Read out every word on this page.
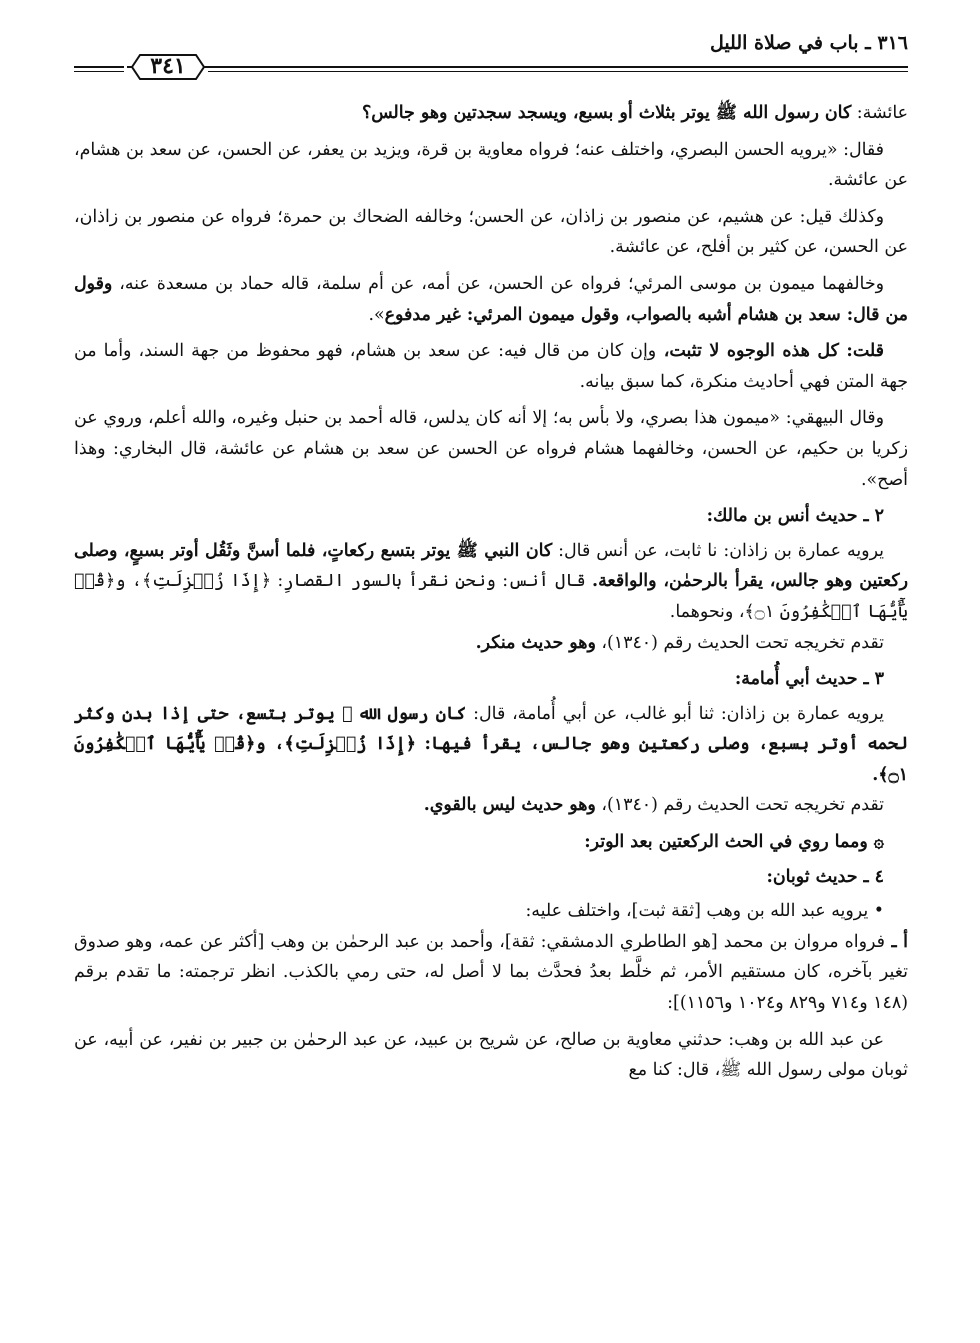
٣١٦ ـ باب في صلاة الليل
٣٤١

عائشة: كان رسول الله ﷺ يوتر بثلاث أو بسبع، ويسجد سجدتين وهو جالس؟

فقال: «يرويه الحسن البصري، واختلف عنه؛ فرواه معاوية بن قرة، ويزيد بن يعفر، عن الحسن، عن سعد بن هشام، عن عائشة.

وكذلك قيل: عن هشيم، عن منصور بن زاذان، عن الحسن؛ وخالفه الضحاك بن حمرة؛ فرواه عن منصور بن زاذان، عن الحسن، عن كثير بن أفلح، عن عائشة.

وخالفهما ميمون بن موسى المرئي؛ فرواه عن الحسن، عن أمه، عن أم سلمة، قاله حماد بن مسعدة عنه، وقول من قال: سعد بن هشام أشبه بالصواب، وقول ميمون المرئي: غير مدفوع».

قلت: كل هذه الوجوه لا تثبت، وإن كان من قال فيه: عن سعد بن هشام، فهو محفوظ من جهة السند، وأما من جهة المتن فهي أحاديث منكرة، كما سبق بيانه.

وقال البيهقي: «ميمون هذا بصري، ولا بأس به؛ إلا أنه كان يدلس، قاله أحمد بن حنبل وغيره، والله أعلم، وروي عن زكريا بن حكيم، عن الحسن، وخالفهما هشام فرواه عن الحسن عن سعد بن هشام عن عائشة، قال البخاري: وهذا أصح».

٢ ـ حديث أنس بن مالك:

يرويه عمارة بن زاذان: نا ثابت، عن أنس قال: كان النبي ﷺ يوتر بتسع ركعاتٍ، فلما أسنَّ وثَقُل أوتر بسبعٍ، وصلى ركعتين وهو جالس، يقرأ بالرحمٰن، والواقعة. قال أنس: ونحن نقرأ بالسور القصارِ: ﴿إِذَا زُلۡزِلَتِ﴾، و﴿قُلۡ يَٰٓأَيُّهَا ٱلۡكَٰفِرُونَ ۝١﴾، ونحوهما.

تقدم تخريجه تحت الحديث رقم (١٣٤٠)، وهو حديث منكر.

٣ ـ حديث أبي أُمامة:

يرويه عمارة بن زاذان: ثنا أبو غالب، عن أبي أُمامة، قال: كان رسول الله ﷺ يوتر بتسع، حتى إذا بدن وكثر لحمه أوتر بسبع، وصلى ركعتين وهو جالس، يقرأ فيها: ﴿إِذَا زُلۡزِلَتِ﴾، و﴿قُلۡ يَٰٓأَيُّهَا ٱلۡكَٰفِرُونَ ۝١﴾.

تقدم تخريجه تحت الحديث رقم (١٣٤٠)، وهو حديث ليس بالقوي.

۞ ومما روي في الحث الركعتين بعد الوتر:

٤ ـ حديث ثوبان:

• يرويه عبد الله بن وهب [ثقة ثبت]، واختلف عليه:

أ ـ فرواه مروان بن محمد [هو الطاطري الدمشقي: ثقة]، وأحمد بن عبد الرحمٰن بن وهب [أكثر عن عمه، وهو صدوق تغير بآخره، كان مستقيم الأمر، ثم خلَّط بعدُ فحدَّث بما لا أصل له، حتى رمي بالكذب. انظر ترجمته: ما تقدم برقم (١٤٨ و٧١٤ و٨٢٩ و١٠٢٤ و١١٥٦)]:

عن عبد الله بن وهب: حدثني معاوية بن صالح، عن شريح بن عبيد، عن عبد الرحمٰن بن جبير بن نفير، عن أبيه، عن ثوبان مولى رسول الله ﷺ، قال: كنا مع
